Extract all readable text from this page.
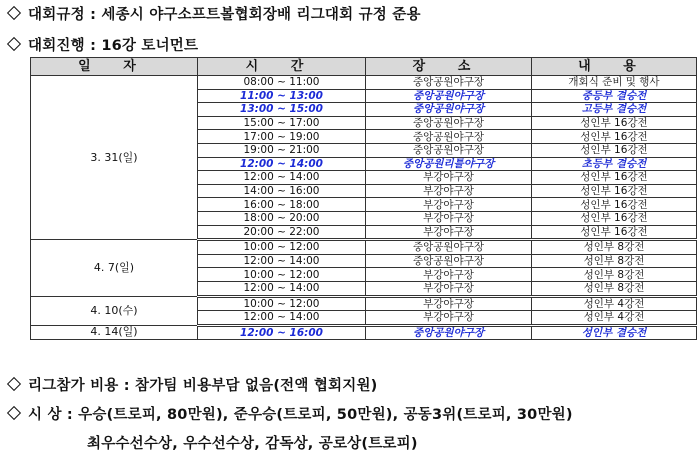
대회규정 : 세종시 야구소프트볼협회장배 리그대회 규정 준용
대회진행 : 16강 토너먼트
일 자	시 간	장 소	내 용
3. 31(일)	08:00 ~ 11:00	중앙공원야구장	개회식 준비 및 행사
	11:00 ~ 13:00	중앙공원야구장	중등부 결승전
	13:00 ~ 15:00	중앙공원야구장	고등부 결승전
	15:00 ~ 17:00	중앙공원야구장	성인부 16강전
	17:00 ~ 19:00	중앙공원야구장	성인부 16강전
	19:00 ~ 21:00	중앙공원야구장	성인부 16강전
	12:00 ~ 14:00	중앙공원리틀야구장	초등부 결승전
	12:00 ~ 14:00	부강야구장	성인부 16강전
	14:00 ~ 16:00	부강야구장	성인부 16강전
	16:00 ~ 18:00	부강야구장	성인부 16강전
	18:00 ~ 20:00	부강야구장	성인부 16강전
	20:00 ~ 22:00	부강야구장	성인부 16강전
4. 7(일)	10:00 ~ 12:00	중앙공원야구장	성인부 8강전
	12:00 ~ 14:00	중앙공원야구장	성인부 8강전
	10:00 ~ 12:00	부강야구장	성인부 8강전
	12:00 ~ 14:00	부강야구장	성인부 8강전
4. 10(수)	10:00 ~ 12:00	부강야구장	성인부 4강전
	12:00 ~ 14:00	부강야구장	성인부 4강전
4. 14(일)	12:00 ~ 16:00	중앙공원야구장	성인부 결승전
리그참가 비용 : 참가팀 비용부담 없음(전액 협회지원)
시 상 : 우승(트로피, 80만원), 준우승(트로피, 50만원), 공동3위(트로피, 30만원)
최우수선수상, 우수선수상, 감독상, 공로상(트로피)
